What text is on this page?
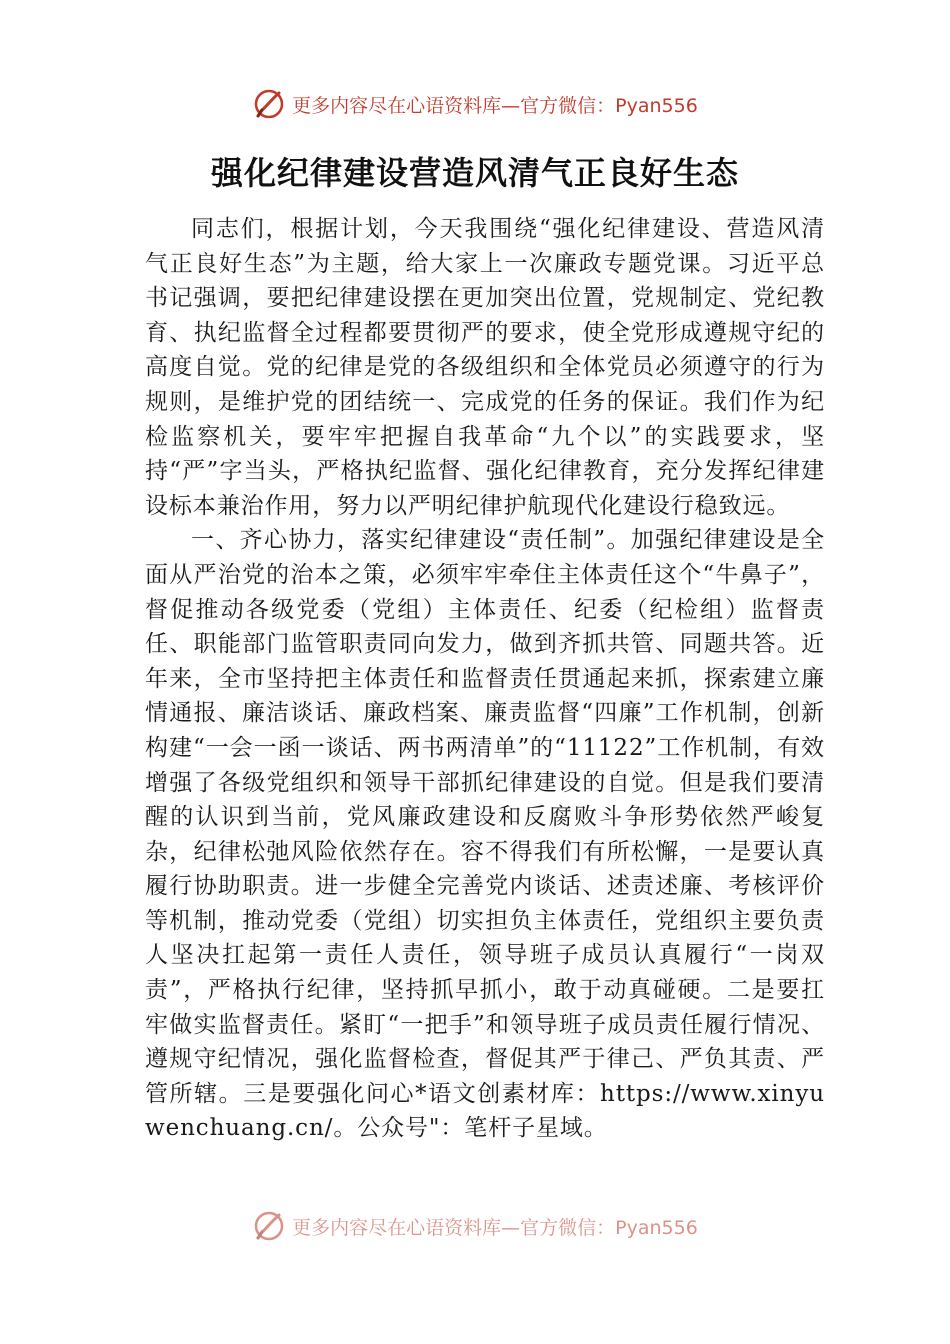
更多内容尽在心语资料库—官方微信：Pyan556
强化纪律建设营造风清气正良好生态

同志们，根据计划，今天我围绕“强化纪律建设、营造风清气正良好生态”为主题，给大家上一次廉政专题党课。习近平总书记强调，要把纪律建设摆在更加突出位置，党规制定、党纪教育、执纪监督全过程都要贯彻严的要求，使全党形成遵规守纪的高度自觉。党的纪律是党的各级组织和全体党员必须遵守的行为规则，是维护党的团结统一、完成党的任务的保证。我们作为纪检监察机关，要牢牢把握自我革命“九个以”的实践要求，坚持“严”字当头，严格执纪监督、强化纪律教育，充分发挥纪律建设标本兼治作用，努力以严明纪律护航现代化建设行稳致远。

一、齐心协力，落实纪律建设“责任制”。加强纪律建设是全面从严治党的治本之策，必须牢牢牵住主体责任这个“牛鼻子”，督促推动各级党委（党组）主体责任、纪委（纪检组）监督责任、职能部门监管职责同向发力，做到齐抓共管、同题共答。近年来，全市坚持把主体责任和监督责任贯通起来抓，探索建立廉情通报、廉洁谈话、廉政档案、廉责监督“四廉”工作机制，创新构建“一会一函一谈话、两书两清单”的“11122”工作机制，有效增强了各级党组织和领导干部抓纪律建设的自觉。但是我们要清醒的认识到当前，党风廉政建设和反腐败斗争形势依然严峻复杂，纪律松弛风险依然存在。容不得我们有所松懈，一是要认真履行协助职责。进一步健全完善党内谈话、述责述廉、考核评价等机制，推动党委（党组）切实担负主体责任，党组织主要负责人坚决扛起第一责任人责任，领导班子成员认真履行“一岗双责”，严格执行纪律，坚持抓早抓小，敢于动真碰硬。二是要扛牢做实监督责任。紧盯“一把手”和领导班子成员责任履行情况、遵规守纪情况，强化监督检查，督促其严于律己、严负其责、严管所辖。三是要强化问心*语文创素材库：https://www.xinyuwenchuang.cn/。公众号"：笔杆子星域。

更多内容尽在心语资料库—官方微信：Pyan556
